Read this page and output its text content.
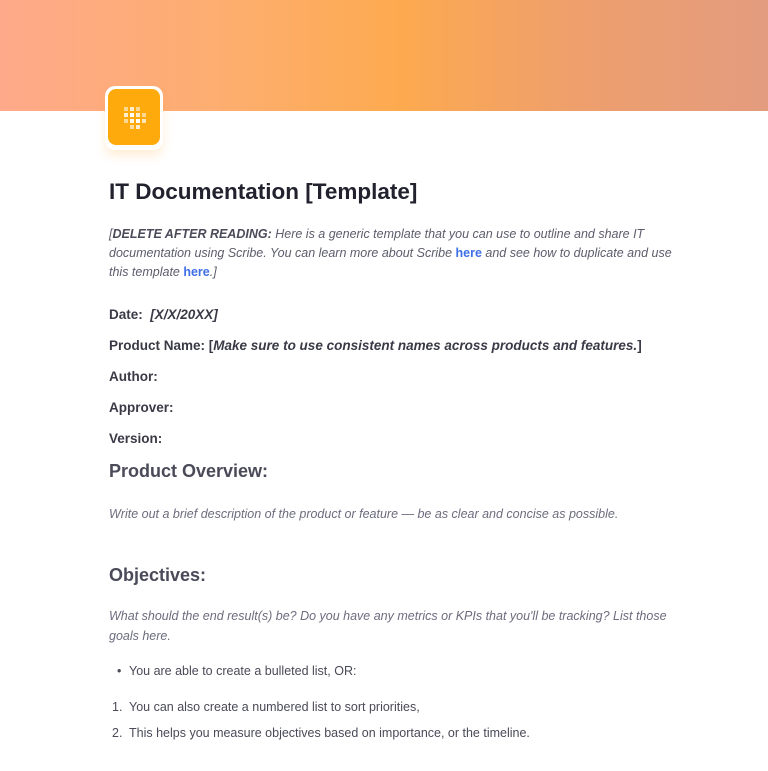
IT Documentation [Template]

[DELETE AFTER READING: Here is a generic template that you can use to outline and share IT documentation using Scribe. You can learn more about Scribe here and see how to duplicate and use this template here.]

Date: [X/X/20XX]
Product Name: [Make sure to use consistent names across products and features.]
Author:
Approver:
Version:
Product Overview:

Write out a brief description of the product or feature — be as clear and concise as possible.

Objectives:

What should the end result(s) be? Do you have any metrics or KPIs that you'll be tracking? List those goals here.

• You are able to create a bulleted list, OR:
1. You can also create a numbered list to sort priorities,
2. This helps you measure objectives based on importance, or the timeline.
